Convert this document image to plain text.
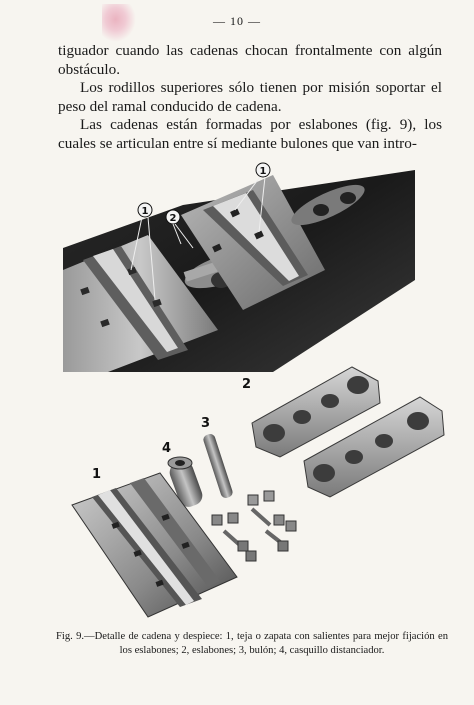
— 10 —

tiguador cuando las cadenas chocan frontalmente con algún obstáculo.

Los rodillos superiores sólo tienen por misión soportar el peso del ramal conducido de cadena.

Las cadenas están formadas por eslabones (fig. 9), los cuales se articulan entre sí mediante bulones que van intro-

1
2
1
2
3
4
1
Fig. 9.—Detalle de cadena y despiece: 1, teja o zapata con salientes para mejor fijación en los eslabones; 2, eslabones; 3, bulón; 4, casquillo distanciador.
